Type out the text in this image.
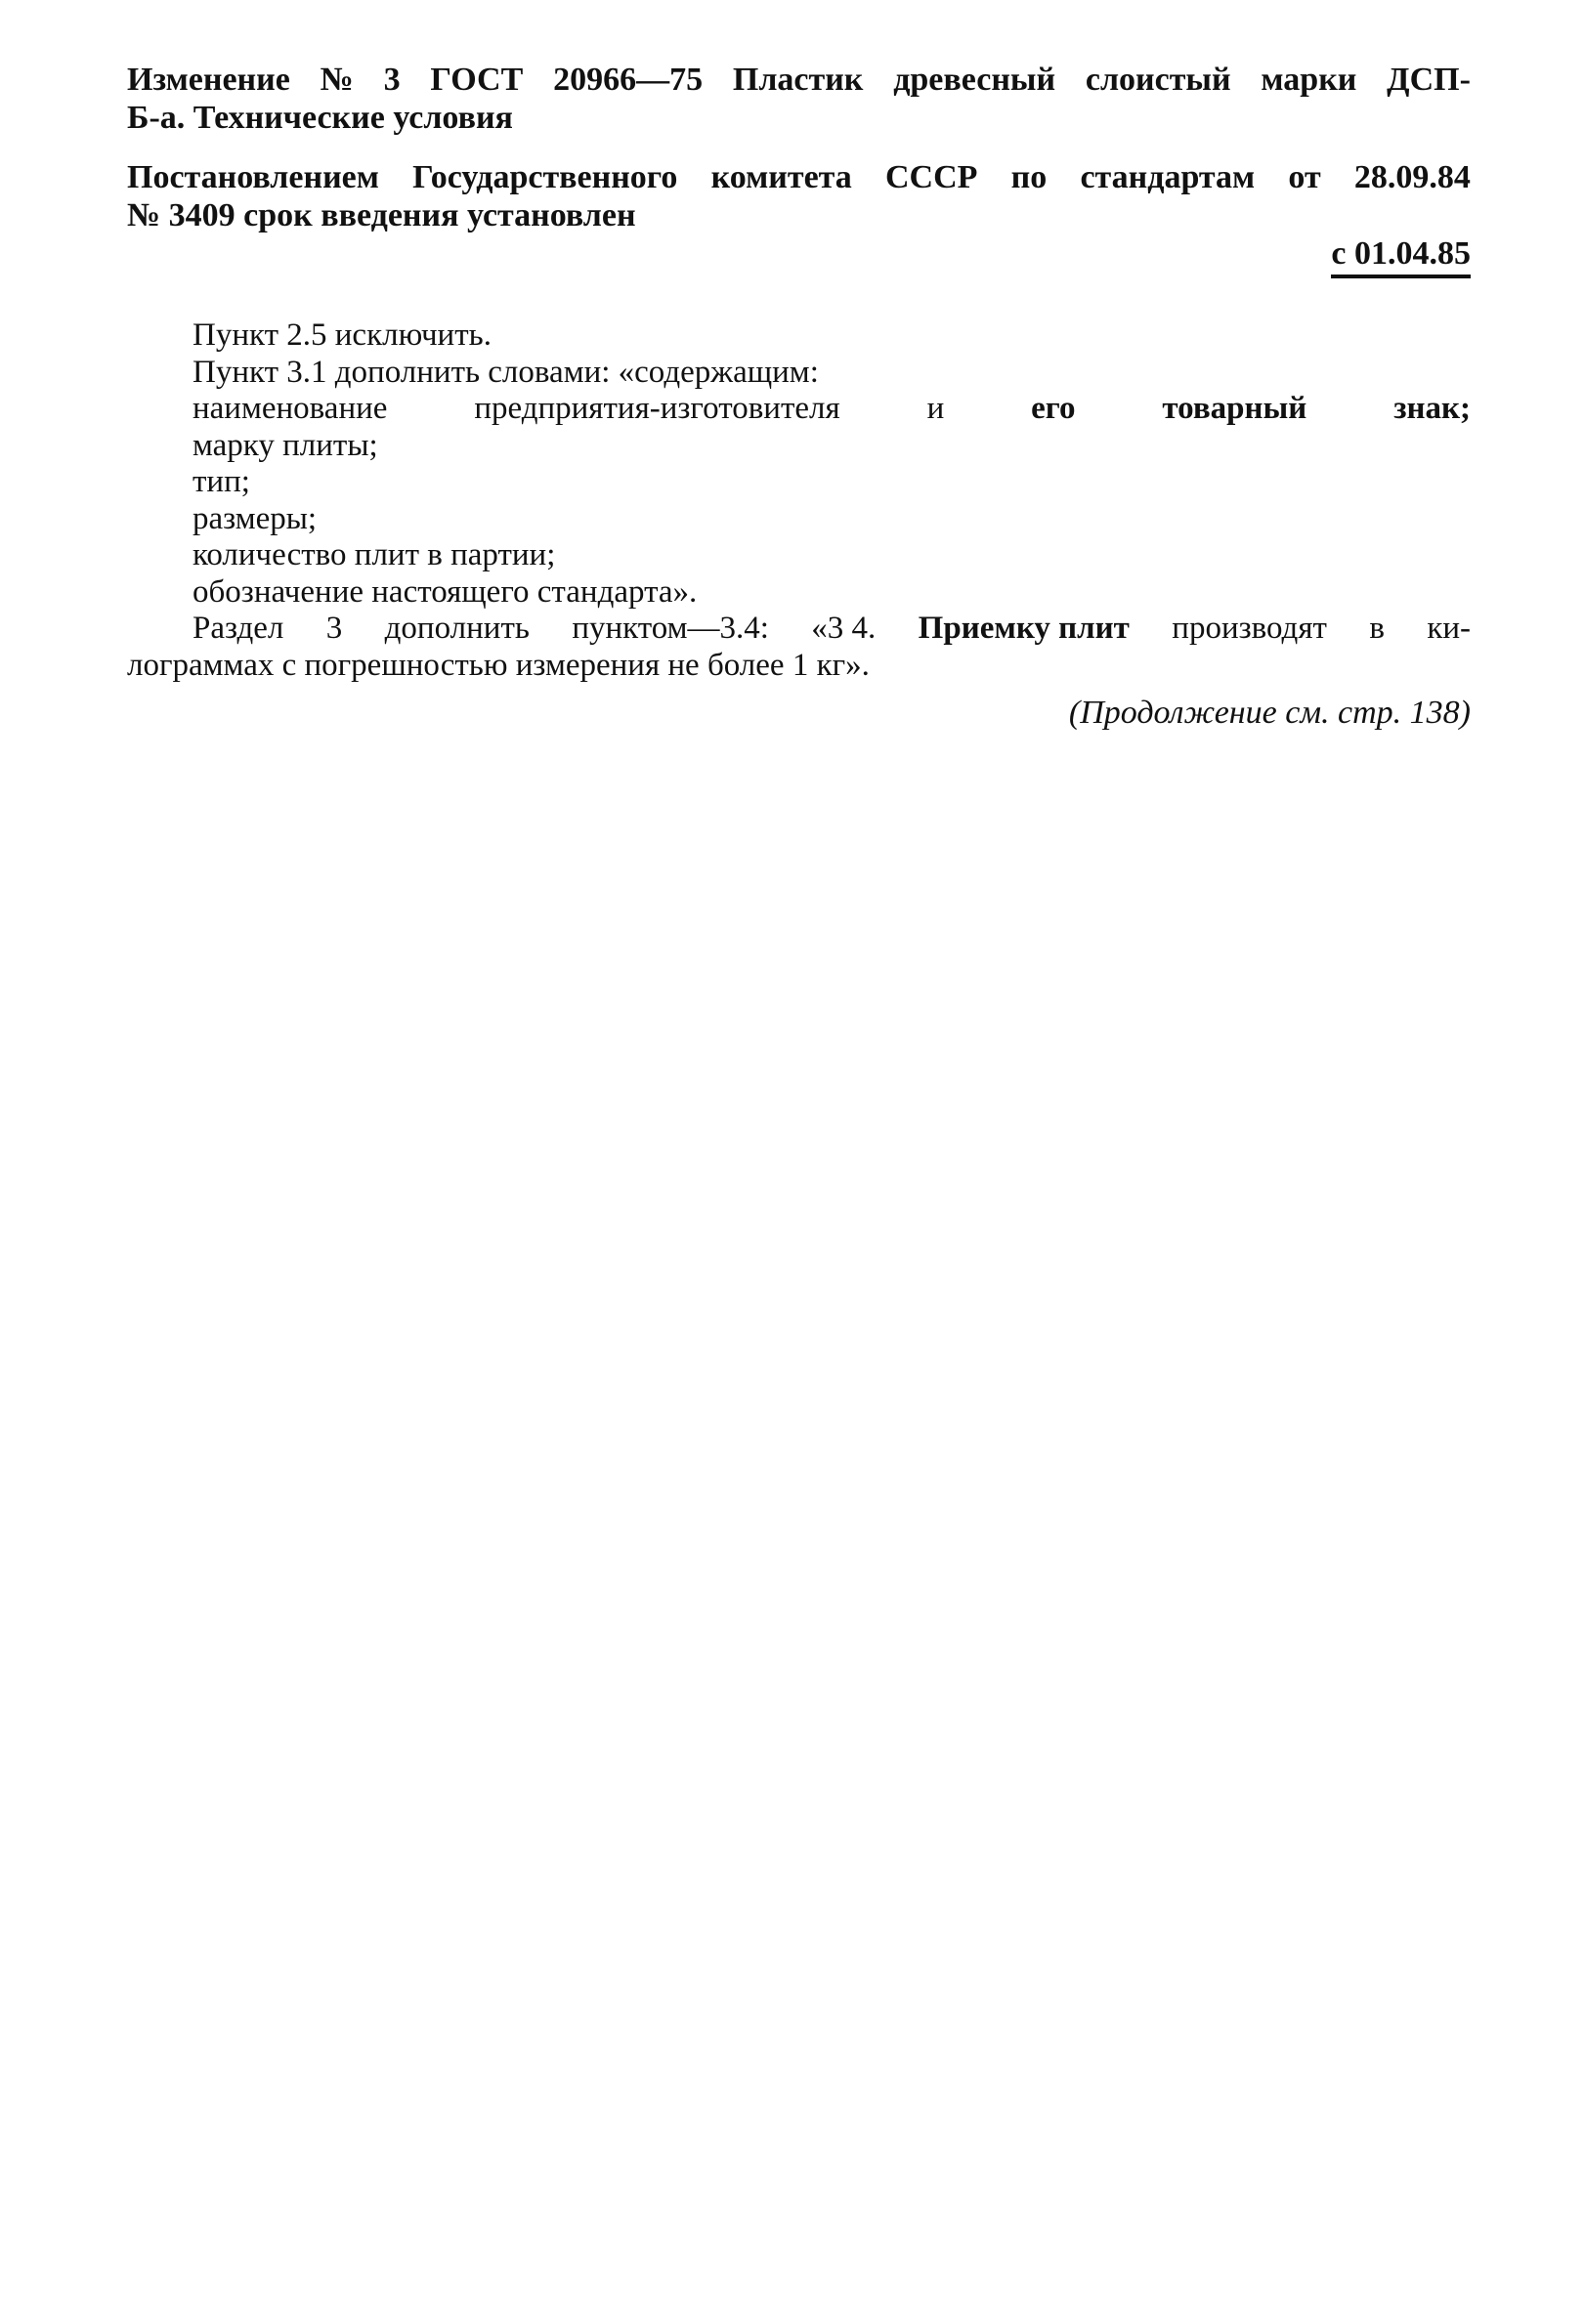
Изменение № 3 ГОСТ 20966—75 Пластик древесный слоистый марки ДСП-
Б-а. Технические условия
Постановлением Государственного комитета СССР по стандартам от 28.09.84
№ 3409 срок введения установлен
с 01.04.85
Пункт 2.5 исключить.
Пункт 3.1 дополнить словами: «содержащим:
наименование	предприятия-изготовителя	и	его	товарный	знак;
марку плиты;
тип;
размеры;
количество плит в партии;
обозначение настоящего стандарта».
Раздел 3 дополнить пунктом—3.4: «3 4. Приемку плит производят в ки-
лограммах с погрешностью измерения не более 1 кг».
(Продолжение см. стр. 138)
